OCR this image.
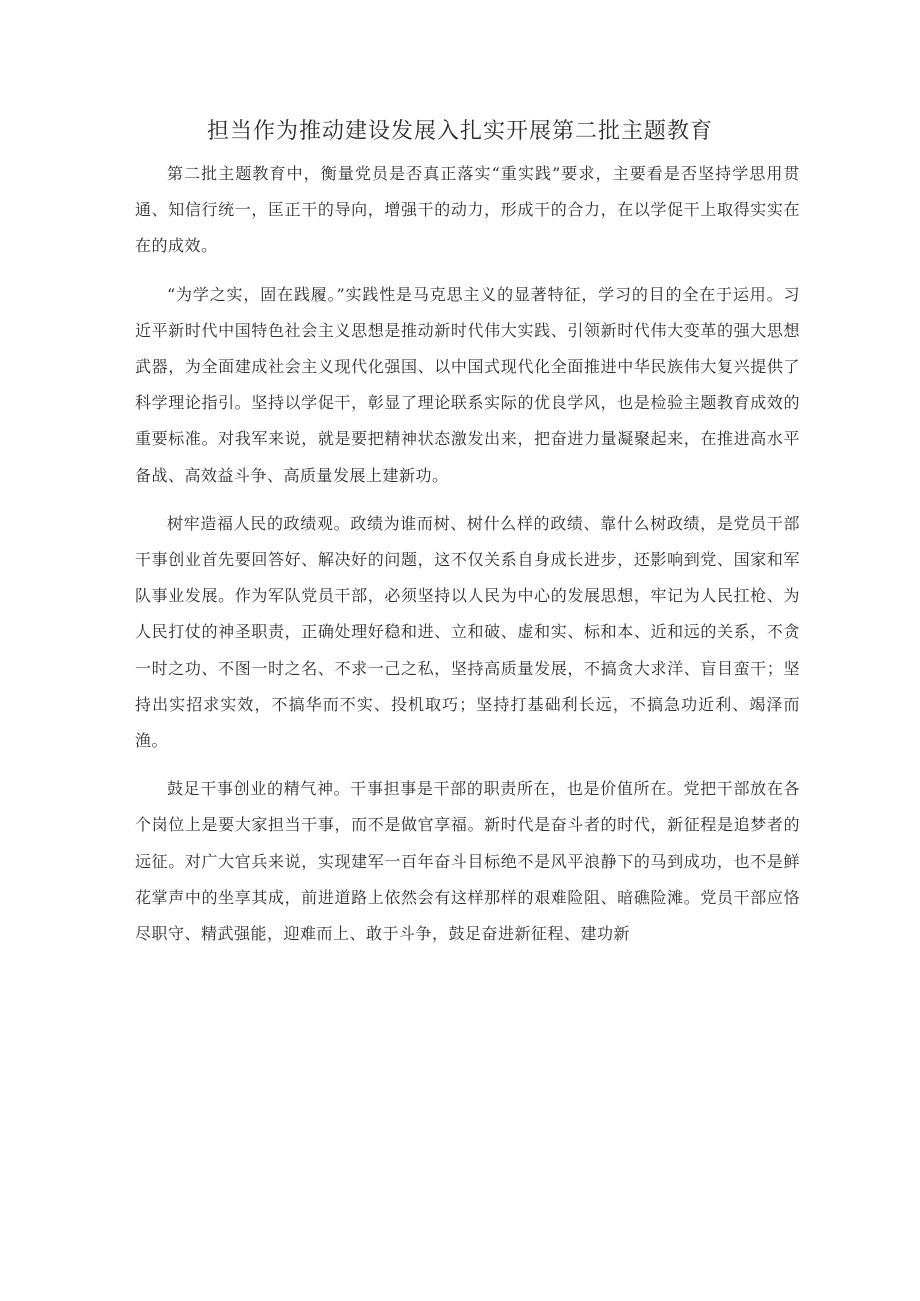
担当作为推动建设发展入扎实开展第二批主题教育

第二批主题教育中，衡量党员是否真正落实“重实践”要求，主要看是否坚持学思用贯通、知信行统一，匡正干的导向，增强干的动力，形成干的合力，在以学促干上取得实实在在的成效。

“为学之实，固在践履。”实践性是马克思主义的显著特征，学习的目的全在于运用。习近平新时代中国特色社会主义思想是推动新时代伟大实践、引领新时代伟大变革的强大思想武器，为全面建成社会主义现代化强国、以中国式现代化全面推进中华民族伟大复兴提供了科学理论指引。坚持以学促干，彰显了理论联系实际的优良学风，也是检验主题教育成效的重要标准。对我军来说，就是要把精神状态激发出来，把奋进力量凝聚起来，在推进高水平备战、高效益斗争、高质量发展上建新功。

树牢造福人民的政绩观。政绩为谁而树、树什么样的政绩、靠什么树政绩，是党员干部干事创业首先要回答好、解决好的问题，这不仅关系自身成长进步，还影响到党、国家和军队事业发展。作为军队党员干部，必须坚持以人民为中心的发展思想，牢记为人民扛枪、为人民打仗的神圣职责，正确处理好稳和进、立和破、虚和实、标和本、近和远的关系，不贪一时之功、不图一时之名、不求一己之私，坚持高质量发展，不搞贪大求洋、盲目蛮干；坚持出实招求实效，不搞华而不实、投机取巧；坚持打基础利长远，不搞急功近利、竭泽而渔。

鼓足干事创业的精气神。干事担事是干部的职责所在，也是价值所在。党把干部放在各个岗位上是要大家担当干事，而不是做官享福。新时代是奋斗者的时代，新征程是追梦者的远征。对广大官兵来说，实现建军一百年奋斗目标绝不是风平浪静下的马到成功，也不是鲜花掌声中的坐享其成，前进道路上依然会有这样那样的艰难险阻、暗礁险滩。党员干部应恪尽职守、精武强能，迎难而上、敢于斗争，鼓足奋进新征程、建功新
